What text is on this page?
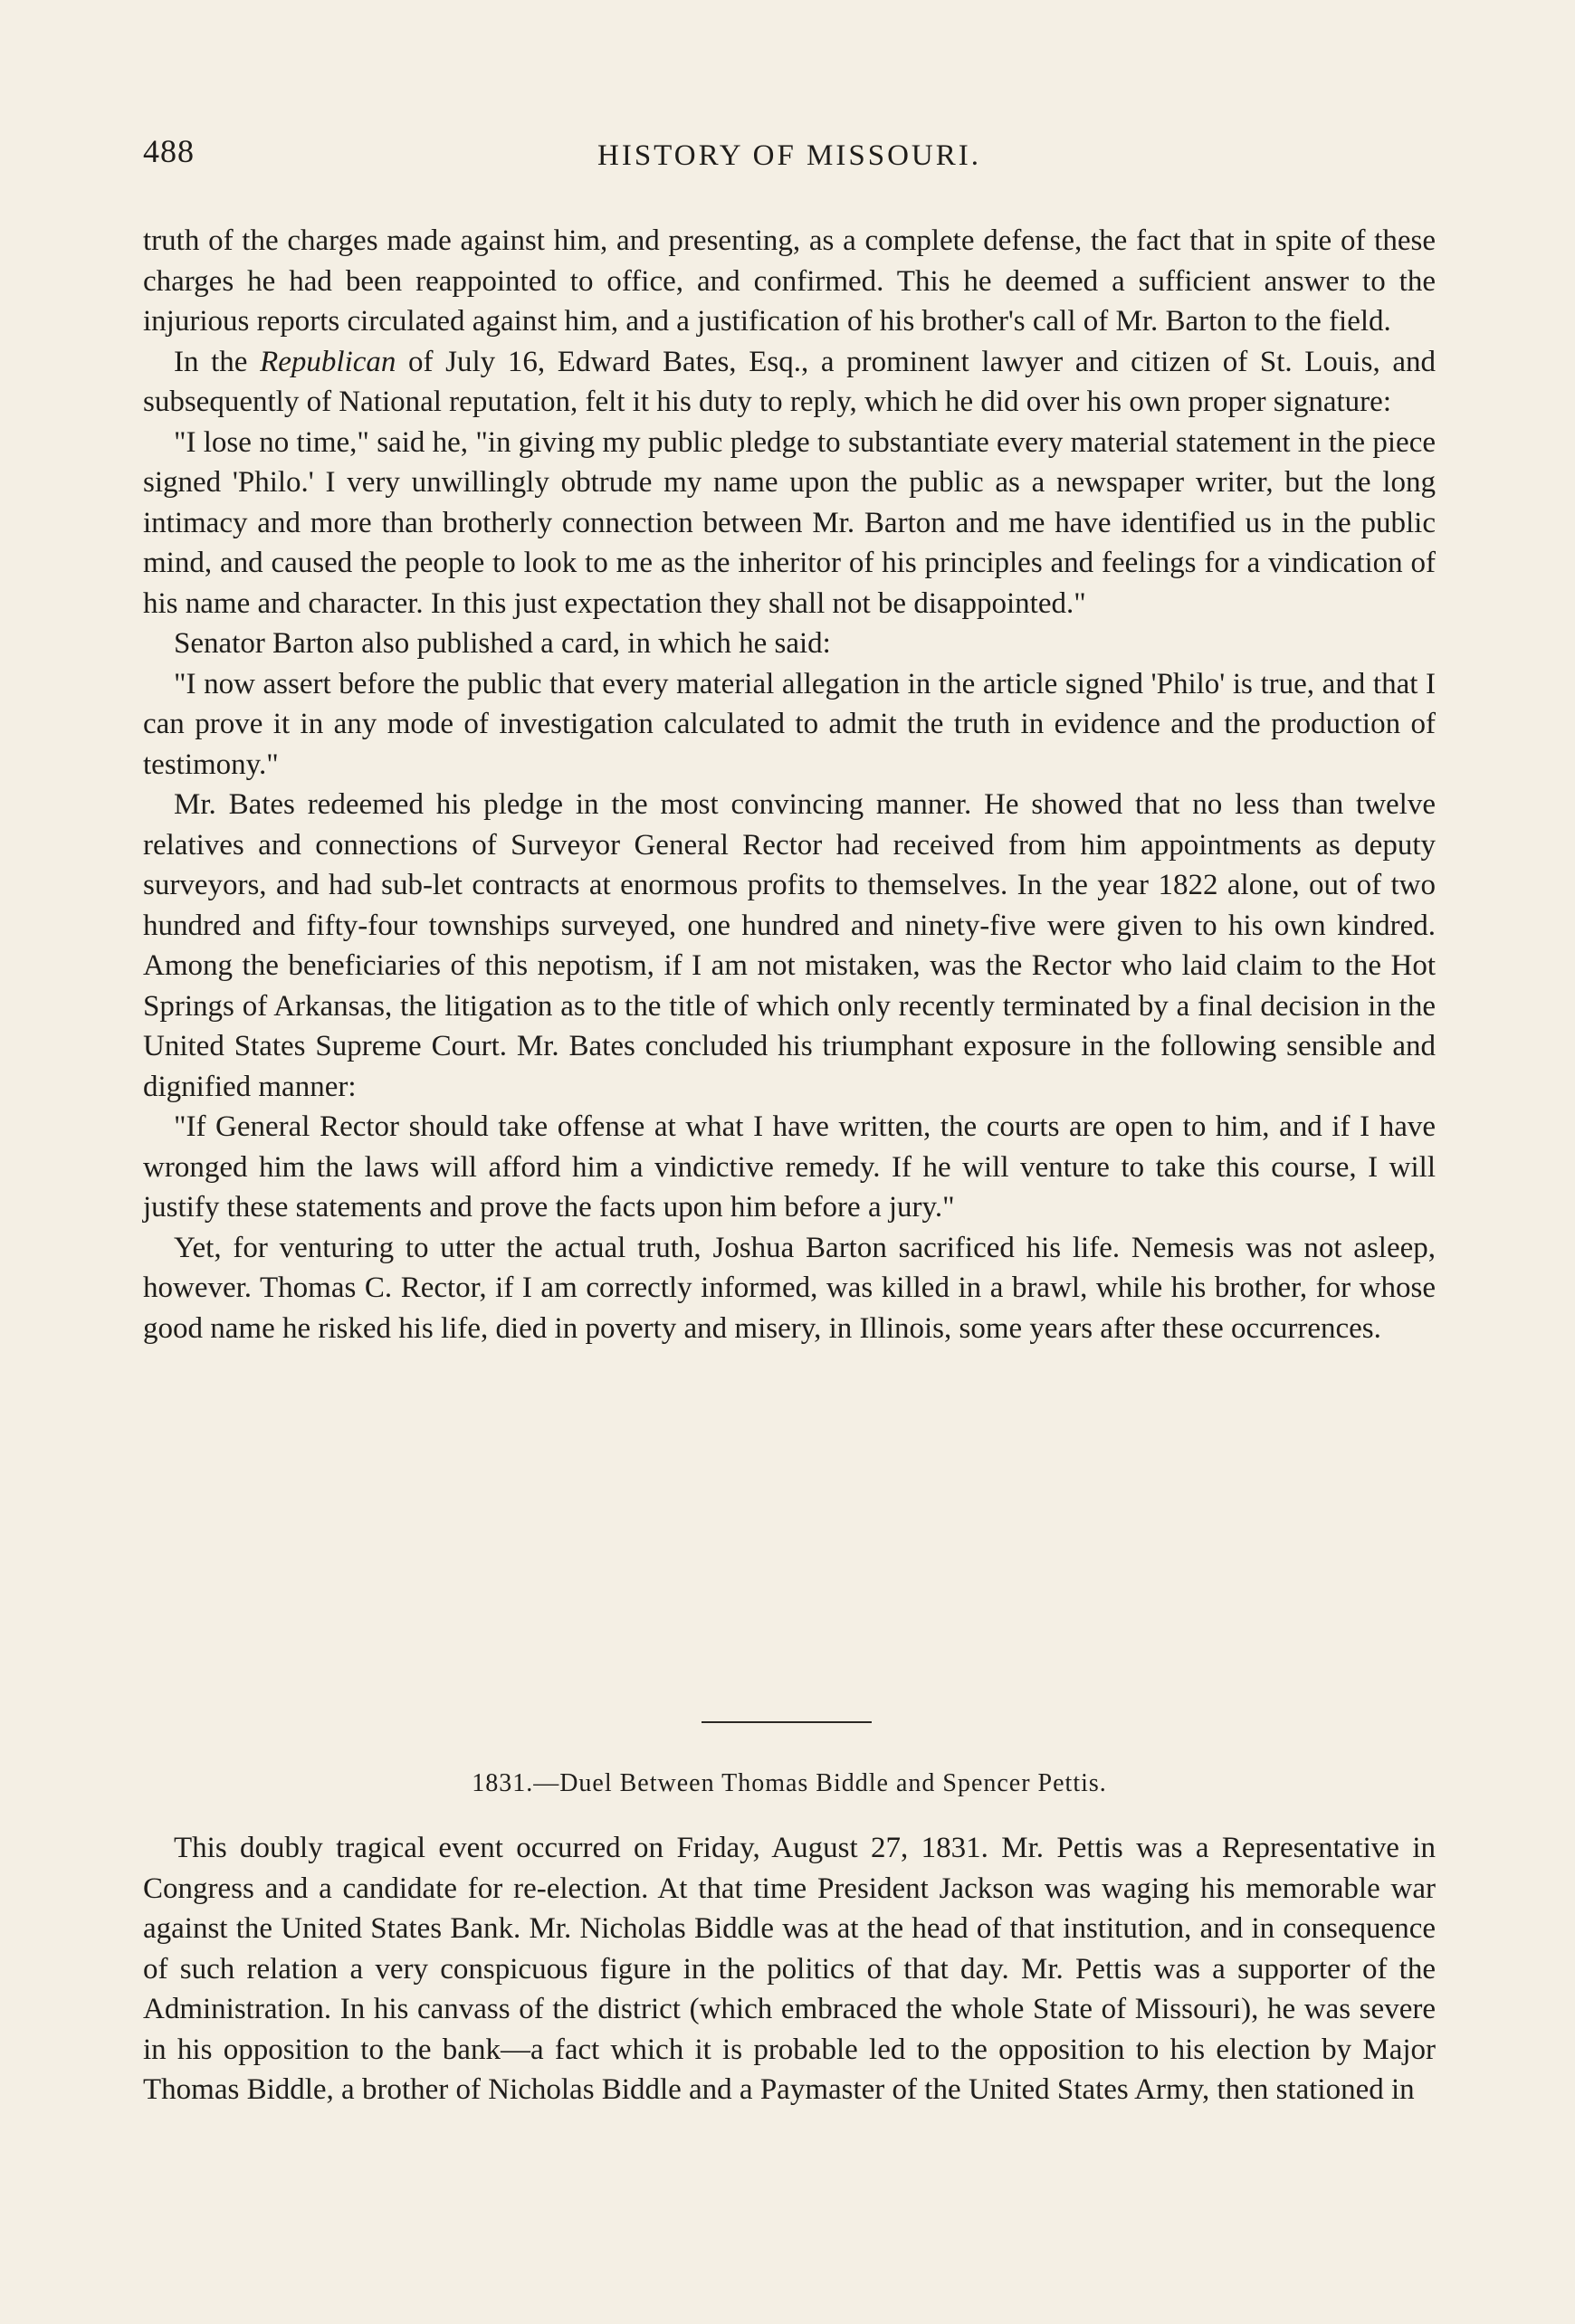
488	HISTORY OF MISSOURI.

truth of the charges made against him, and presenting, as a complete defense, the fact that in spite of these charges he had been reappointed to office, and confirmed. This he deemed a sufficient answer to the injurious reports circulated against him, and a justification of his brother's call of Mr. Barton to the field.

In the Republican of July 16, Edward Bates, Esq., a prominent lawyer and citizen of St. Louis, and subsequently of National reputation, felt it his duty to reply, which he did over his own proper signature:

"I lose no time," said he, "in giving my public pledge to substantiate every material statement in the piece signed 'Philo.' I very unwillingly obtrude my name upon the public as a newspaper writer, but the long intimacy and more than brotherly connection between Mr. Barton and me have identified us in the public mind, and caused the people to look to me as the inheritor of his principles and feelings for a vindication of his name and character. In this just expectation they shall not be disappointed."

Senator Barton also published a card, in which he said:

"I now assert before the public that every material allegation in the article signed 'Philo' is true, and that I can prove it in any mode of investigation calculated to admit the truth in evidence and the production of testimony."

Mr. Bates redeemed his pledge in the most convincing manner. He showed that no less than twelve relatives and connections of Surveyor General Rector had received from him appointments as deputy surveyors, and had sub-let contracts at enormous profits to themselves. In the year 1822 alone, out of two hundred and fifty-four townships surveyed, one hundred and ninety-five were given to his own kindred. Among the beneficiaries of this nepotism, if I am not mistaken, was the Rector who laid claim to the Hot Springs of Arkansas, the litigation as to the title of which only recently terminated by a final decision in the United States Supreme Court. Mr. Bates concluded his triumphant exposure in the following sensible and dignified manner:

"If General Rector should take offense at what I have written, the courts are open to him, and if I have wronged him the laws will afford him a vindictive remedy. If he will venture to take this course, I will justify these statements and prove the facts upon him before a jury."

Yet, for venturing to utter the actual truth, Joshua Barton sacrificed his life. Nemesis was not asleep, however. Thomas C. Rector, if I am correctly informed, was killed in a brawl, while his brother, for whose good name he risked his life, died in poverty and misery, in Illinois, some years after these occurrences.

1831.—Duel Between Thomas Biddle and Spencer Pettis.

This doubly tragical event occurred on Friday, August 27, 1831. Mr. Pettis was a Representative in Congress and a candidate for re-election. At that time President Jackson was waging his memorable war against the United States Bank. Mr. Nicholas Biddle was at the head of that institution, and in consequence of such relation a very conspicuous figure in the politics of that day. Mr. Pettis was a supporter of the Administration. In his canvass of the district (which embraced the whole State of Missouri), he was severe in his opposition to the bank—a fact which it is probable led to the opposition to his election by Major Thomas Biddle, a brother of Nicholas Biddle and a Paymaster of the United States Army, then stationed in
